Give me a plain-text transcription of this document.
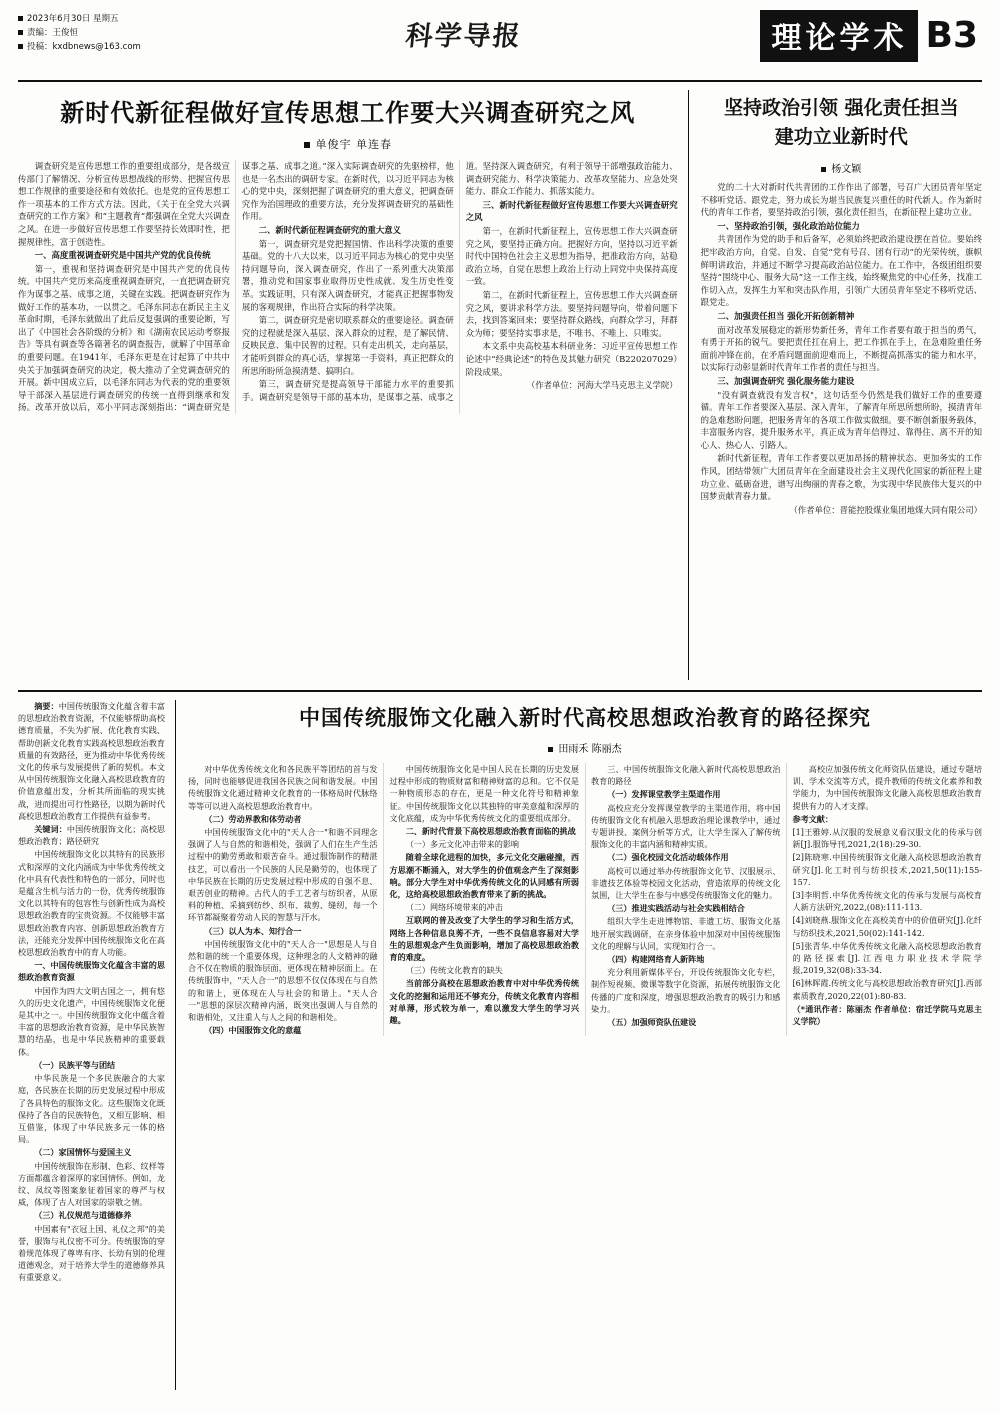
2023年6月30日 星期五
责编：王俊恒
投稿：kxdbnews@163.com	科学导报	理论学术 B3
新时代新征程做好宣传思想工作要大兴调查研究之风
单俊宇 单连春

调查研究是宣传思想工作的重要组成部分，是各级宣传部门了解情况、分析宣传思想战线的形势、把握宣传思想工作规律的重要途径和有效依托。也是党的宣传思想工作一项基本的工作方式方法。因此，《关于在全党大兴调查研究的工作方案》和“主题教育”都强调在全党大兴调查之风。在进一步做好宣传思想工作要坚持长效即时性，把握规律性，富于创造性。

一、高度重视调查研究是中国共产党的优良传统

第一，重视和坚持调查研究是中国共产党的优良传统。中国共产党历来高度重视调查研究，一直把调查研究作为谋事之基、成事之道，关键在实践。把调查研究作为做好工作的基本功，一以贯之。毛泽东同志在新民主主义革命时期，毛泽东就做出了此后反复强调的重要论断，写出了《中国社会各阶级的分析》和《湖南农民运动考察报告》等具有调查等各篇著名的调查报告，就解了中国革命的重要问题。在1941年，毛泽东更是在讨起算了中共中央关于加强调查研究的决定，极大推动了全党调查研究的开展。新中国成立后，以毛泽东同志为代表的党的重要领导干部深入基层进行调查研究的传统一直得到继承和发扬。改革开放以后，邓小平同志深刻指出：“调查研究是谋事之基、成事之道。”深入实际调查研究的先驱榜样，他也是一名杰出的调研专家。在新时代，以习近平同志为核心的党中央，深刻把握了调查研究的重大意义，把调查研究作为治国理政的重要方法，充分发挥调查研究的基础性作用。

二、新时代新征程调查研究的重大意义

第一，调查研究是党把握国情、作出科学决策的重要基础。党的十八大以来，以习近平同志为核心的党中央坚持问题导向，深入调查研究，作出了一系列重大决策部署，推动党和国家事业取得历史性成就、发生历史性变革。实践证明，只有深入调查研究，才能真正把握事物发展的客观规律，作出符合实际的科学决策。

第二，调查研究是密切联系群众的重要途径。调查研究的过程就是深入基层、深入群众的过程，是了解民情、反映民意、集中民智的过程。只有走出机关，走向基层，才能听到群众的真心话，掌握第一手资料，真正把群众的所思所盼所急摸清楚、搞明白。

第三，调查研究是提高领导干部能力水平的重要抓手。调查研究是领导干部的基本功，是谋事之基、成事之道。坚持深入调查研究，有利于领导干部增强政治能力、调查研究能力、科学决策能力、改革攻坚能力、应急处突能力、群众工作能力、抓落实能力。

三、新时代新征程做好宣传思想工作要大兴调查研究之风

第一，在新时代新征程上，宣传思想工作大兴调查研究之风，要坚持正确方向。把握好方向，坚持以习近平新时代中国特色社会主义思想为指导，把准政治方向，站稳政治立场，自觉在思想上政治上行动上同党中央保持高度一致。

第二，在新时代新征程上，宣传思想工作大兴调查研究之风，要讲求科学方法。要坚持问题导向，带着问题下去，找到答案回来；要坚持群众路线，向群众学习，拜群众为师；要坚持实事求是，不唯书、不唯上、只唯实。

本文系中央高校基本科研业务：习近平宣传思想工作论述中“经典论述”的特色及其魅力研究（B220207029）阶段成果。

（作者单位：河海大学马克思主义学院）

坚持政治引领 强化责任担当
建功立业新时代
杨文颖

党的二十大对新时代共青团的工作作出了部署，号召广大团员青年坚定不移听党话、跟党走，努力成长为堪当民族复兴重任的时代新人。作为新时代的青年工作者，要坚持政治引领，强化责任担当，在新征程上建功立业。

一、坚持政治引领，强化政治站位能力

共青团作为党的助手和后备军，必须始终把政治建设摆在首位。要始终把牢政治方向，自觉、自发、自觉“党有号召、团有行动”的光荣传统，旗帜鲜明讲政治，并通过不断学习提高政治站位能力。在工作中，各级团组织要坚持“围绕中心、服务大局”这一工作主线，始终聚焦党的中心任务，找准工作切入点，发挥生力军和突击队作用，引领广大团员青年坚定不移听党话、跟党走。

二、加强责任担当 强化开拓创新精神

面对改革发展稳定的新形势新任务，青年工作者要有敢于担当的勇气，有勇于开拓的锐气。要把责任扛在肩上，把工作抓在手上，在急难险重任务面前冲锋在前，在矛盾问题面前迎难而上，不断提高抓落实的能力和水平，以实际行动彰显新时代青年工作者的责任与担当。

三、加强调查研究 强化服务能力建设

"没有调查就没有发言权"，这句话至今仍然是我们做好工作的重要遵循。青年工作者要深入基层、深入青年，了解青年所思所想所盼，摸清青年的急难愁盼问题，把服务青年的各项工作做实做细。要不断创新服务载体，丰富服务内容，提升服务水平，真正成为青年信得过、靠得住、离不开的知心人、热心人、引路人。

新时代新征程，青年工作者要以更加昂扬的精神状态、更加务实的工作作风，团结带领广大团员青年在全面建设社会主义现代化国家的新征程上建功立业、砥砺奋进，谱写出绚丽的青春之歌，为实现中华民族伟大复兴的中国梦贡献青春力量。

（作者单位：晋能控股煤业集团地煤大同有限公司）

摘要：中国传统服饰文化蕴含着丰富的思想政治教育资源，不仅能够帮助高校德育质量，不失为扩展、优化教育实践、帮助创新文化教育实践高校思想政治教育质量的有效路径，更为推动中华优秀传统文化的传承与发展提供了新的契机。本文从中国传统服饰文化融入高校思政教育的价值意蕴出发，分析其所面临的现实挑战，进而提出可行性路径，以期为新时代高校思想政治教育工作提供有益参考。

关键词：中国传统服饰文化；高校思想政治教育；路径研究

中国传统服饰文化以其特有的民族形式和深厚的文化内涵成为中华优秀传统文化中具有代表性和特色的一部分，同时也是蕴含生机与活力的一份，优秀传统服饰文化以其特有的包容性与创新性成为高校思想政治教育的宝贵资源。不仅能够丰富思想政治教育内容、创新思想政治教育方法，还能充分发挥中国传统服饰文化在高校思想政治教育中的育人功能。

一、中国传统服饰文化蕴含丰富的思想政治教育资源

中国作为四大文明古国之一，拥有悠久的历史文化遗产，中国传统服饰文化便是其中之一。中国传统服饰文化中蕴含着丰富的思想政治教育资源，是中华民族智慧的结晶，也是中华民族精神的重要载体。

（一）民族平等与团结

中华民族是一个多民族融合的大家庭，各民族在长期的历史发展过程中形成了各具特色的服饰文化。这些服饰文化既保持了各自的民族特色，又相互影响、相互借鉴，体现了中华民族多元一体的格局。

（二）家国情怀与爱国主义

中国传统服饰在形制、色彩、纹样等方面都蕴含着深厚的家国情怀。例如，龙纹、凤纹等图案象征着国家的尊严与权威，体现了古人对国家的崇敬之情。

（三）礼仪规范与道德修养

中国素有"衣冠上国、礼仪之邦"的美誉，服饰与礼仪密不可分。传统服饰的穿着规范体现了尊卑有序、长幼有别的伦理道德观念，对于培养大学生的道德修养具有重要意义。

中国传统服饰文化融入新时代高校思想政治教育的路径探究
田雨禾 陈丽杰

对中华优秀传统文化和各民族平等团结的首与发扬，同时也能够促进我国各民族之间和谐发展。中国传统服饰文化通过精神文化教育的一体格局时代脉络等等可以进入高校思想政治教育中。

（二）劳动界教和体劳动者

中国传统服饰文化中的"天人合一"和谐不同理念强调了人与自然的和谐相处，强调了人们在生产生活过程中的勤劳勇敢和艰苦奋斗。通过服饰制作的精湛技艺，可以看出一个民族的人民是勤劳的，也体现了中华民族在长期的历史发展过程中形成的自强不息、艰苦创业的精神。古代人的手工艺者与纺织者，从原料的种植、采摘到纺纱、织布、裁剪、缝纫，每一个环节都凝聚着劳动人民的智慧与汗水。

（三）以人为本、知行合一

中国传统服饰文化中的"天人合一"思想是人与自然和谐的统一个重要体现，这种理念的人文精神的融合不仅在物质的服饰层面，更体现在精神层面上。在传统服饰中，"天人合一"的思想不仅仅体现在与自然的和谐上，更体现在人与社会的和谐上。"天人合一"思想的深层次精神内涵，既突出强调人与自然的和谐相处，又注重人与人之间的和谐相处。

（四）中国服饰文化的意蕴

中国传统服饰文化是中国人民在长期的历史发展过程中形成的物质财富和精神财富的总和。它不仅是一种物质形态的存在，更是一种文化符号和精神象征。中国传统服饰文化以其独特的审美意蕴和深厚的文化底蕴，成为中华优秀传统文化的重要组成部分。

二、新时代背景下高校思想政治教育面临的挑战

（一）多元文化冲击带来的影响

随着全球化进程的加快，多元文化交融碰撞，西方思潮不断涌入，对大学生的价值观念产生了深刻影响。部分大学生对中华优秀传统文化的认同感有所弱化，这给高校思想政治教育带来了新的挑战。

（二）网络环境带来的冲击

互联网的普及改变了大学生的学习和生活方式，网络上各种信息良莠不齐，一些不良信息容易对大学生的思想观念产生负面影响，增加了高校思想政治教育的难度。

（三）传统文化教育的缺失

当前部分高校在思想政治教育中对中华优秀传统文化的挖掘和运用还不够充分，传统文化教育内容相对单薄，形式较为单一，难以激发大学生的学习兴趣。

三、中国传统服饰文化融入新时代高校思想政治教育的路径

（一）发挥课堂教学主渠道作用

高校应充分发挥课堂教学的主渠道作用，将中国传统服饰文化有机融入思想政治理论课教学中，通过专题讲授、案例分析等方式，让大学生深入了解传统服饰文化的丰富内涵和精神实质。

（二）强化校园文化活动载体作用

高校可以通过举办传统服饰文化节、汉服展示、非遗技艺体验等校园文化活动，营造浓厚的传统文化氛围，让大学生在参与中感受传统服饰文化的魅力。

（三）推进实践活动与社会实践相结合

组织大学生走进博物馆、非遗工坊、服饰文化基地开展实践调研，在亲身体验中加深对中国传统服饰文化的理解与认同，实现知行合一。

（四）构建网络育人新阵地

充分利用新媒体平台，开设传统服饰文化专栏，制作短视频、微课等数字化资源，拓展传统服饰文化传播的广度和深度，增强思想政治教育的吸引力和感染力。

（五）加强师资队伍建设

高校应加强传统文化师资队伍建设，通过专题培训、学术交流等方式，提升教师的传统文化素养和教学能力，为中国传统服饰文化融入高校思想政治教育提供有力的人才支撑。

参考文献：

[1]王雅婷.从汉服的发展意义看汉服文化的传承与创新[J].服饰导刊,2021,2(18):29-30.

[2]陈晓寒.中国传统服饰文化融入高校思想政治教育研究[J].化工时刊与纺织技术,2021,50(11):155-157.

[3]李明哲.中华优秀传统文化的传承与发展与高校育人新方法研究,2022,(08):111-113.

[4]刘晓燕.服饰文化在高校美育中的价值研究[J].化纤与纺织技术,2021,50(02):141-142.

[5]张青华.中华优秀传统文化融入高校思想政治教育的路径探索[J].江西电力职业技术学院学报,2019,32(08):33-34.

[6]林晖霞.传统文化与高校思想政治教育研究[J].西部素质教育,2020,22(01):80-83.

（*通讯作者：陈丽杰 作者单位：宿迁学院马克思主义学院）
